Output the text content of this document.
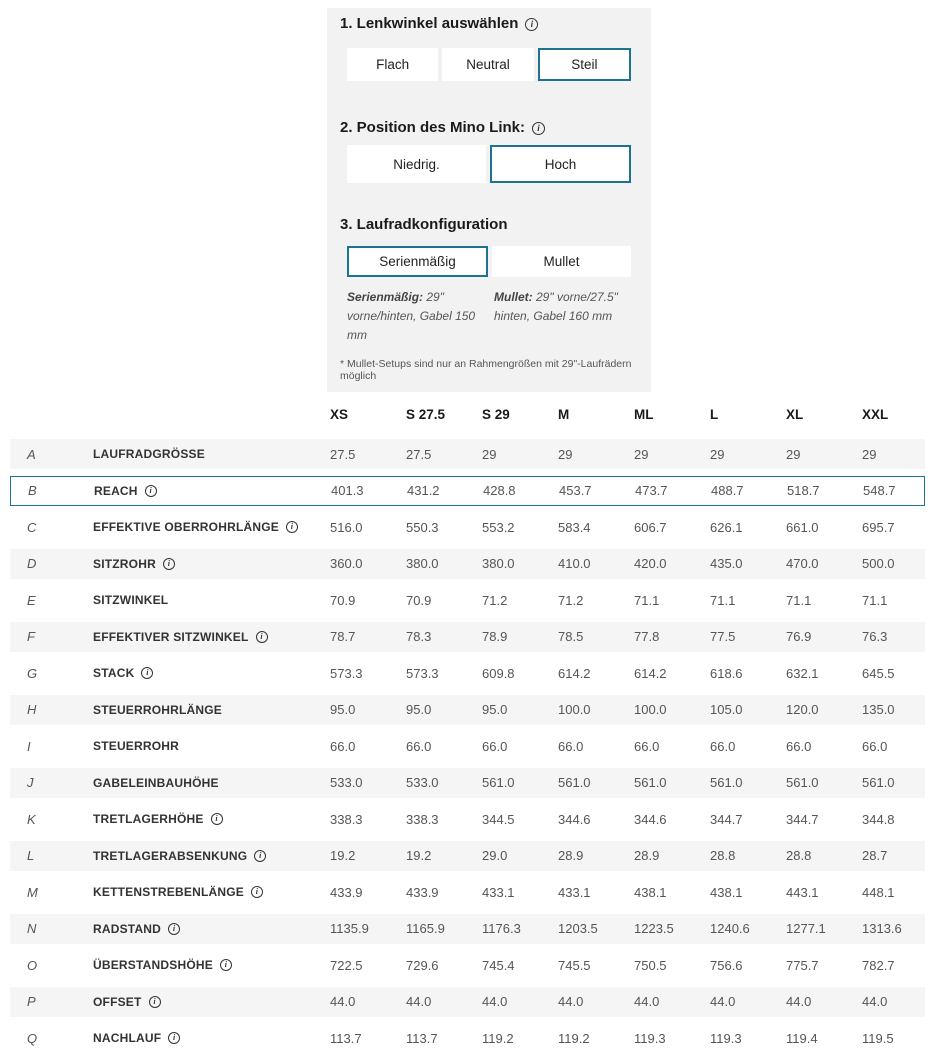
1. Lenkwinkel auswählen	i
Flach	Neutral	Steil
2. Position des Mino Link:	i
Niedrig.	Hoch
3. Laufradkonfiguration
Serienmäßig	Mullet
Serienmäßig: 29" vorne/hinten, Gabel 150 mm
Mullet: 29" vorne/27.5" hinten, Gabel 160 mm
* Mullet-Setups sind nur an Rahmengrößen mit 29"-Laufrädern möglich
XS	S 27.5	S 29	M	ML	L	XL	XXL
A	LAUFRADGRÖSSE	27.5	27.5	29	29	29	29	29	29
B	REACH	i	401.3	431.2	428.8	453.7	473.7	488.7	518.7	548.7
C	EFFEKTIVE OBERROHRLÄNGE	i	516.0	550.3	553.2	583.4	606.7	626.1	661.0	695.7
D	SITZROHR	i	360.0	380.0	380.0	410.0	420.0	435.0	470.0	500.0
E	SITZWINKEL	70.9	70.9	71.2	71.2	71.1	71.1	71.1	71.1
F	EFFEKTIVER SITZWINKEL	i	78.7	78.3	78.9	78.5	77.8	77.5	76.9	76.3
G	STACK	i	573.3	573.3	609.8	614.2	614.2	618.6	632.1	645.5
H	STEUERROHRLÄNGE	95.0	95.0	95.0	100.0	100.0	105.0	120.0	135.0
I	STEUERROHR	66.0	66.0	66.0	66.0	66.0	66.0	66.0	66.0
J	GABELEINBAUHÖHE	533.0	533.0	561.0	561.0	561.0	561.0	561.0	561.0
K	TRETLAGERHÖHE	i	338.3	338.3	344.5	344.6	344.6	344.7	344.7	344.8
L	TRETLAGERABSENKUNG	i	19.2	19.2	29.0	28.9	28.9	28.8	28.8	28.7
M	KETTENSTREBENLÄNGE	i	433.9	433.9	433.1	433.1	438.1	438.1	443.1	448.1
N	RADSTAND	i	1135.9	1165.9	1176.3	1203.5	1223.5	1240.6	1277.1	1313.6
O	ÜBERSTANDSHÖHE	i	722.5	729.6	745.4	745.5	750.5	756.6	775.7	782.7
P	OFFSET	i	44.0	44.0	44.0	44.0	44.0	44.0	44.0	44.0
Q	NACHLAUF	i	113.7	113.7	119.2	119.2	119.3	119.3	119.4	119.5
